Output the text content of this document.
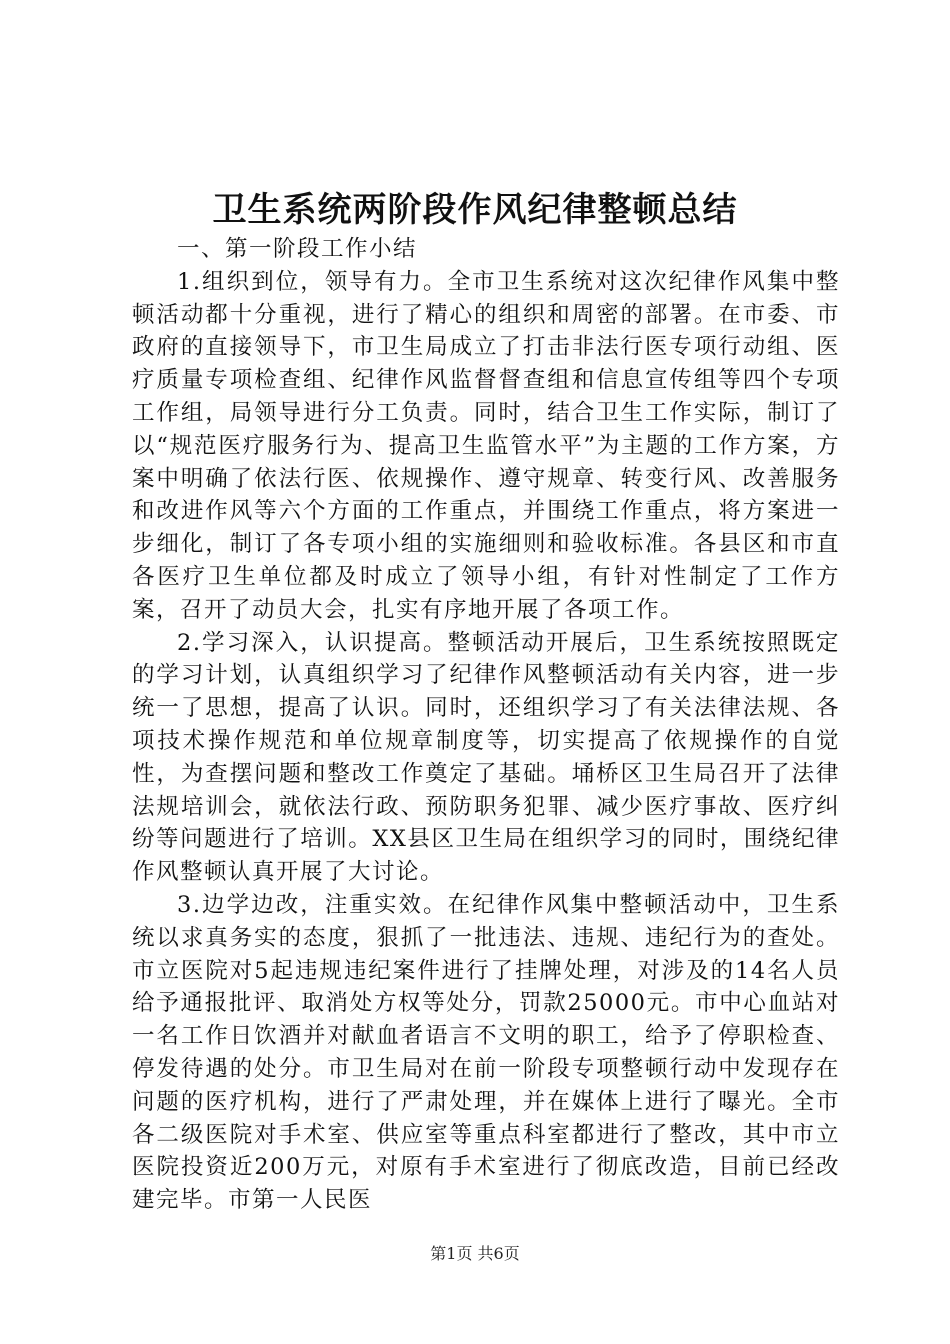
卫生系统两阶段作风纪律整顿总结

一、第一阶段工作小结

1.组织到位，领导有力。全市卫生系统对这次纪律作风集中整顿活动都十分重视，进行了精心的组织和周密的部署。在市委、市政府的直接领导下，市卫生局成立了打击非法行医专项行动组、医疗质量专项检查组、纪律作风监督督查组和信息宣传组等四个专项工作组，局领导进行分工负责。同时，结合卫生工作实际，制订了以“规范医疗服务行为、提高卫生监管水平”为主题的工作方案，方案中明确了依法行医、依规操作、遵守规章、转变行风、改善服务和改进作风等六个方面的工作重点，并围绕工作重点，将方案进一步细化，制订了各专项小组的实施细则和验收标准。各县区和市直各医疗卫生单位都及时成立了领导小组，有针对性制定了工作方案，召开了动员大会，扎实有序地开展了各项工作。

2.学习深入，认识提高。整顿活动开展后，卫生系统按照既定的学习计划，认真组织学习了纪律作风整顿活动有关内容，进一步统一了思想，提高了认识。同时，还组织学习了有关法律法规、各项技术操作规范和单位规章制度等，切实提高了依规操作的自觉性，为查摆问题和整改工作奠定了基础。埇桥区卫生局召开了法律法规培训会，就依法行政、预防职务犯罪、减少医疗事故、医疗纠纷等问题进行了培训。XX县区卫生局在组织学习的同时，围绕纪律作风整顿认真开展了大讨论。

3.边学边改，注重实效。在纪律作风集中整顿活动中，卫生系统以求真务实的态度，狠抓了一批违法、违规、违纪行为的查处。市立医院对5起违规违纪案件进行了挂牌处理，对涉及的14名人员给予通报批评、取消处方权等处分，罚款25000元。市中心血站对一名工作日饮酒并对献血者语言不文明的职工，给予了停职检查、停发待遇的处分。市卫生局对在前一阶段专项整顿行动中发现存在问题的医疗机构，进行了严肃处理，并在媒体上进行了曝光。全市各二级医院对手术室、供应室等重点科室都进行了整改，其中市立医院投资近200万元，对原有手术室进行了彻底改造，目前已经改建完毕。市第一人民医

第1页 共6页
